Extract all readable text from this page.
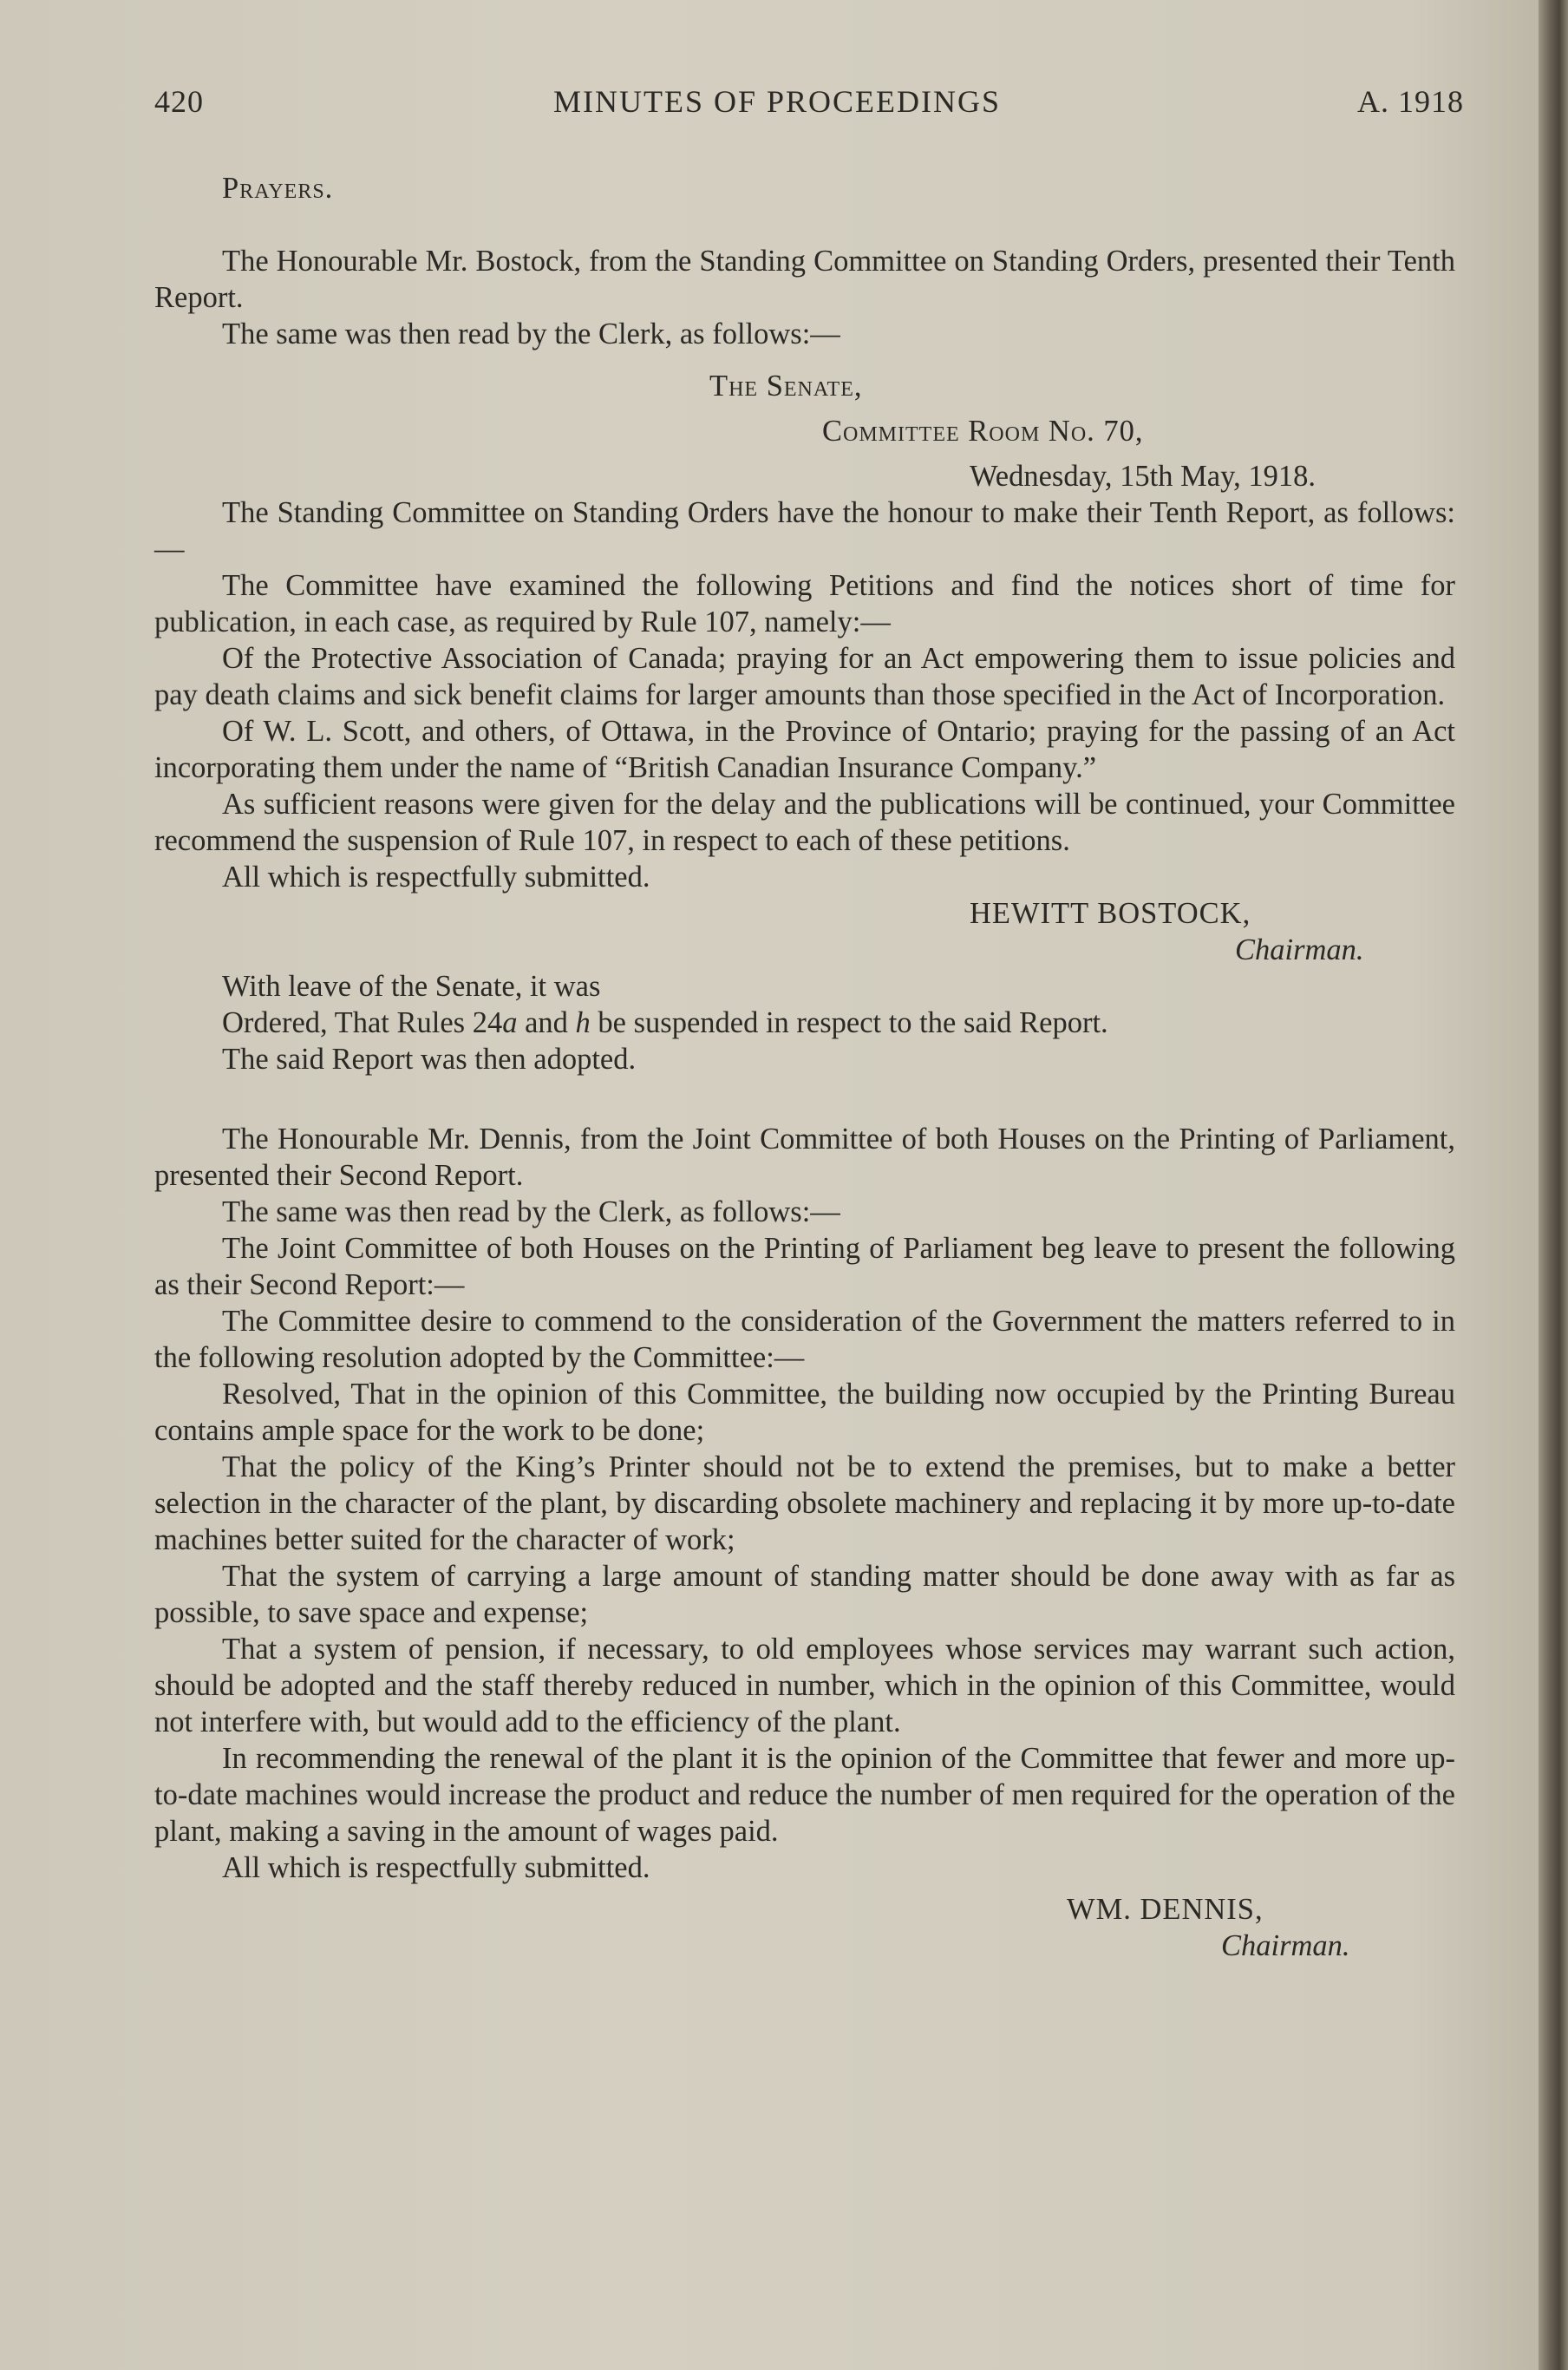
420	MINUTES OF PROCEEDINGS	A. 1918

Prayers.

The Honourable Mr. Bostock, from the Standing Committee on Standing Orders, presented their Tenth Report.

The same was then read by the Clerk, as follows:—

The Senate,

Committee Room No. 70,

Wednesday, 15th May, 1918.

The Standing Committee on Standing Orders have the honour to make their Tenth Report, as follows:—

The Committee have examined the following Petitions and find the notices short of time for publication, in each case, as required by Rule 107, namely:—

Of the Protective Association of Canada; praying for an Act empowering them to issue policies and pay death claims and sick benefit claims for larger amounts than those specified in the Act of Incorporation.

Of W. L. Scott, and others, of Ottawa, in the Province of Ontario; praying for the passing of an Act incorporating them under the name of “British Canadian Insurance Company.”

As sufficient reasons were given for the delay and the publications will be continued, your Committee recommend the suspension of Rule 107, in respect to each of these petitions.

All which is respectfully submitted.

HEWITT BOSTOCK,

Chairman.

With leave of the Senate, it was

Ordered, That Rules 24a and h be suspended in respect to the said Report.

The said Report was then adopted.

The Honourable Mr. Dennis, from the Joint Committee of both Houses on the Printing of Parliament, presented their Second Report.

The same was then read by the Clerk, as follows:—

The Joint Committee of both Houses on the Printing of Parliament beg leave to present the following as their Second Report:—

The Committee desire to commend to the consideration of the Government the matters referred to in the following resolution adopted by the Committee:—

Resolved, That in the opinion of this Committee, the building now occupied by the Printing Bureau contains ample space for the work to be done;

That the policy of the King’s Printer should not be to extend the premises, but to make a better selection in the character of the plant, by discarding obsolete machinery and replacing it by more up-to-date machines better suited for the character of work;

That the system of carrying a large amount of standing matter should be done away with as far as possible, to save space and expense;

That a system of pension, if necessary, to old employees whose services may warrant such action, should be adopted and the staff thereby reduced in number, which in the opinion of this Committee, would not interfere with, but would add to the efficiency of the plant.

In recommending the renewal of the plant it is the opinion of the Committee that fewer and more up-to-date machines would increase the product and reduce the number of men required for the operation of the plant, making a saving in the amount of wages paid.

All which is respectfully submitted.

WM. DENNIS,

Chairman.
